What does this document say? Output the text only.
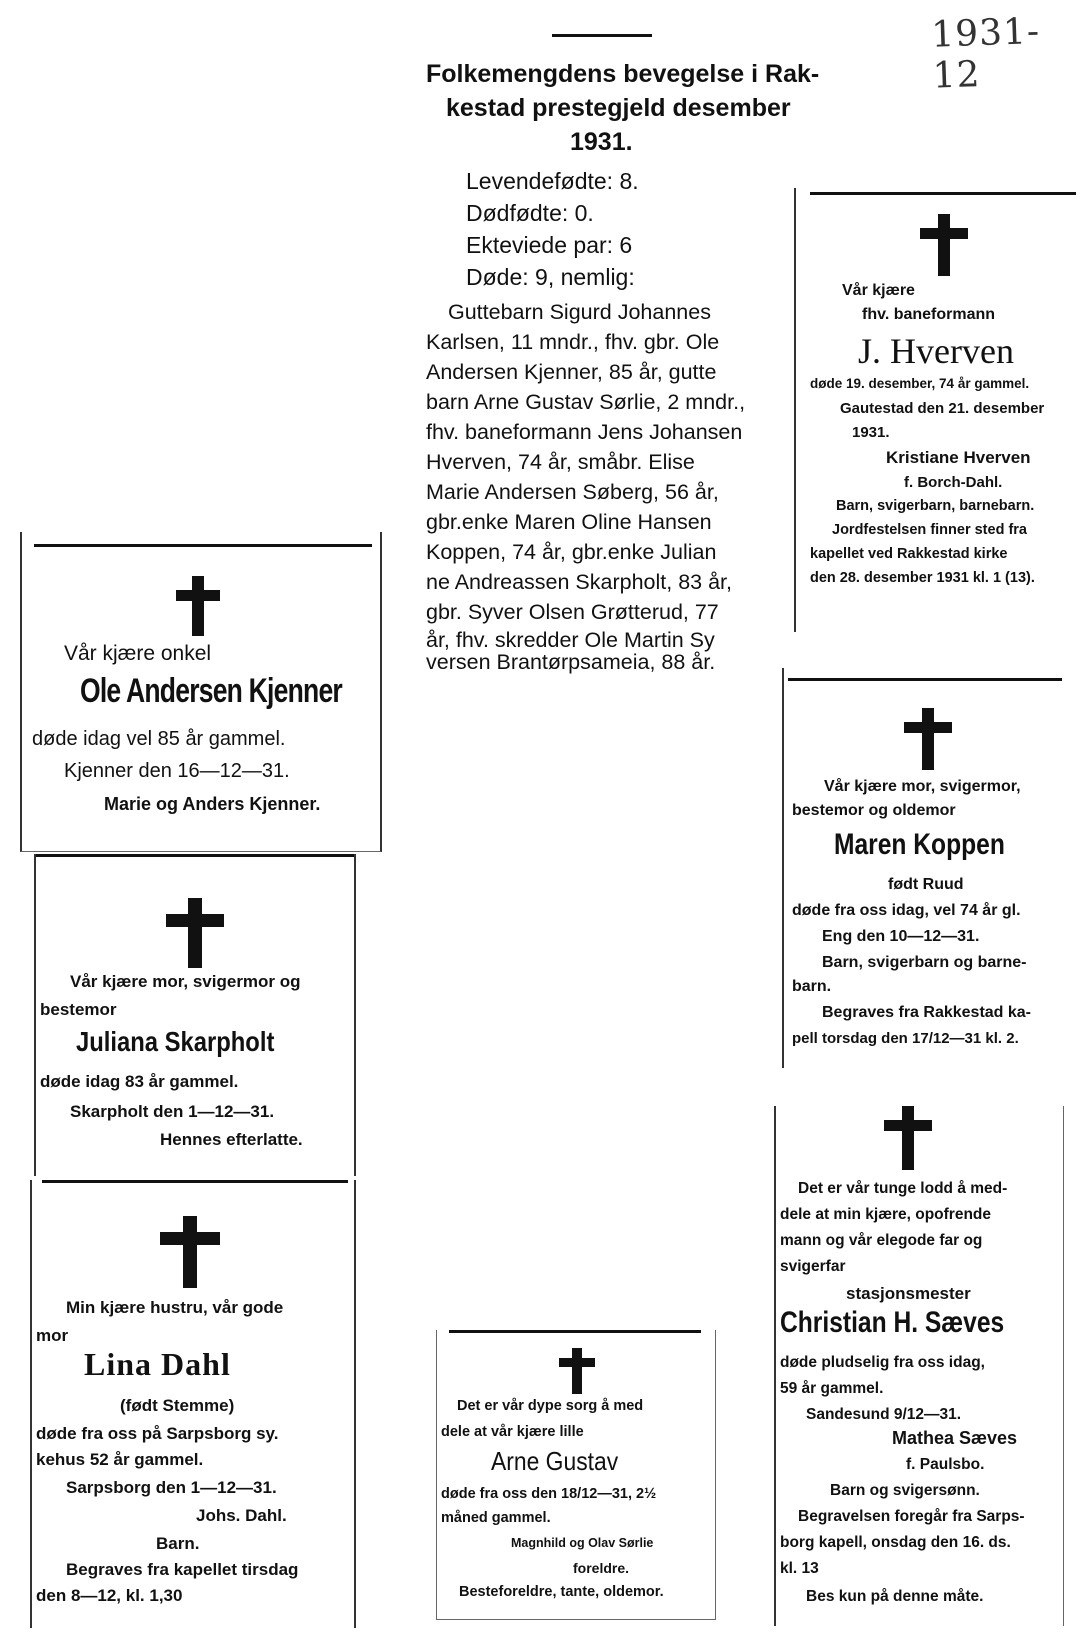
1931-12
Folkemengdens bevegelse i Rak-
kestad prestegjeld desember
1931.
Levendefødte: 8.
Dødfødte: 0.
Ekteviede par: 6
Døde: 9, nemlig:
Guttebarn Sigurd Johannes
Karlsen, 11 mndr., fhv. gbr. Ole
Andersen Kjenner, 85 år, gutte
barn Arne Gustav Sørlie, 2 mndr.,
fhv. baneformann Jens Johansen
Hverven, 74 år, småbr. Elise
Marie Andersen Søberg, 56 år,
gbr.enke Maren Oline Hansen
Koppen, 74 år, gbr.enke Julian
ne Andreassen Skarpholt, 83 år,
gbr. Syver Olsen Grøtterud, 77
år, fhv. skredder Ole Martin Sy
versen Brantørpsameia, 88 år.
Vår kjære onkel
Ole Andersen Kjenner
døde idag vel 85 år gammel.
Kjenner den 16—12—31.
Marie og Anders Kjenner.
Vår kjære
fhv. baneformann
J. Hverven
døde 19. desember, 74 år gammel.
Gautestad den 21. desember
1931.
Kristiane Hverven
f. Borch-Dahl.
Barn, svigerbarn, barnebarn.
Jordfestelsen finner sted fra
kapellet ved Rakkestad kirke
den 28. desember 1931 kl. 1 (13).
Vår kjære mor, svigermor,
bestemor og oldemor
Maren Koppen
født Ruud
døde fra oss idag, vel 74 år gl.
Eng den 10—12—31.
Barn, svigerbarn og barne-
barn.
Begraves fra Rakkestad ka-
pell torsdag den 17/12—31 kl. 2.
Vår kjære mor, svigermor og
bestemor
Juliana Skarpholt
døde idag 83 år gammel.
Skarpholt den 1—12—31.
Hennes efterlatte.
Min kjære hustru, vår gode
mor
Lina Dahl
(født Stemme)
døde fra oss på Sarpsborg sy.
kehus 52 år gammel.
Sarpsborg den 1—12—31.
Johs. Dahl.
Barn.
Begraves fra kapellet tirsdag
den 8—12, kl. 1,30
Det er vår dype sorg å med
dele at vår kjære lille
Arne Gustav
døde fra oss den 18/12—31, 2½
måned gammel.
Magnhild og Olav Sørlie
foreldre.
Besteforeldre, tante, oldemor.
Det er vår tunge lodd å med-
dele at min kjære, opofrende
mann og vår elegode far og
svigerfar
stasjonsmester
Christian H. Sæves
døde pludselig fra oss idag,
59 år gammel.
Sandesund 9/12—31.
Mathea Sæves
f. Paulsbo.
Barn og svigersønn.
Begravelsen foregår fra Sarps-
borg kapell, onsdag den 16. ds.
kl. 13
Bes kun på denne måte.
